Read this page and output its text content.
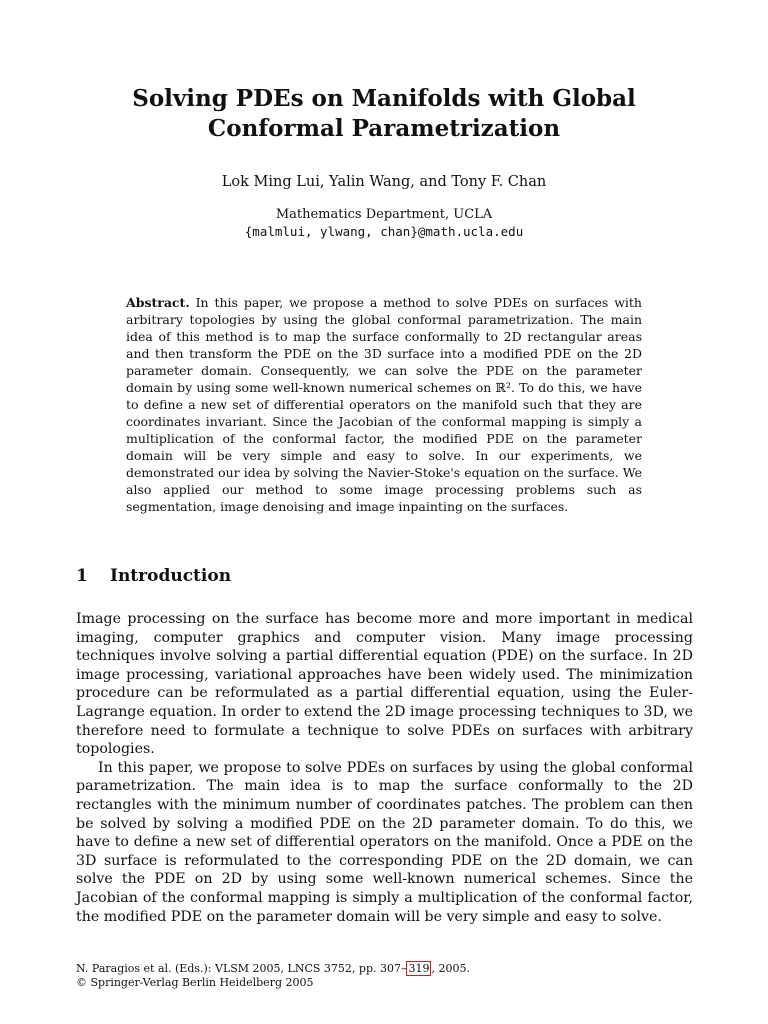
Solving PDEs on Manifolds with Global
Conformal Parametrization
Lok Ming Lui, Yalin Wang, and Tony F. Chan
Mathematics Department, UCLA
{malmlui, ylwang, chan}@math.ucla.edu
Abstract. In this paper, we propose a method to solve PDEs on surfaces with arbitrary topologies by using the global conformal parametrization. The main idea of this method is to map the surface conformally to 2D rectangular areas and then transform the PDE on the 3D surface into a modified PDE on the 2D parameter domain. Consequently, we can solve the PDE on the parameter domain by using some well-known numerical schemes on ℝ². To do this, we have to define a new set of differential operators on the manifold such that they are coordinates invariant. Since the Jacobian of the conformal mapping is simply a multiplication of the conformal factor, the modified PDE on the parameter domain will be very simple and easy to solve. In our experiments, we demonstrated our idea by solving the Navier-Stoke's equation on the surface. We also applied our method to some image processing problems such as segmentation, image denoising and image inpainting on the surfaces.
1 Introduction

Image processing on the surface has become more and more important in medical imaging, computer graphics and computer vision. Many image processing techniques involve solving a partial differential equation (PDE) on the surface. In 2D image processing, variational approaches have been widely used. The minimization procedure can be reformulated as a partial differential equation, using the Euler-Lagrange equation. In order to extend the 2D image processing techniques to 3D, we therefore need to formulate a technique to solve PDEs on surfaces with arbitrary topologies.

In this paper, we propose to solve PDEs on surfaces by using the global conformal parametrization. The main idea is to map the surface conformally to the 2D rectangles with the minimum number of coordinates patches. The problem can then be solved by solving a modified PDE on the 2D parameter domain. To do this, we have to define a new set of differential operators on the manifold. Once a PDE on the 3D surface is reformulated to the corresponding PDE on the 2D domain, we can solve the PDE on 2D by using some well-known numerical schemes. Since the Jacobian of the conformal mapping is simply a multiplication of the conformal factor, the modified PDE on the parameter domain will be very simple and easy to solve.

N. Paragios et al. (Eds.): VLSM 2005, LNCS 3752, pp. 307– 319 , 2005.
© Springer-Verlag Berlin Heidelberg 2005
